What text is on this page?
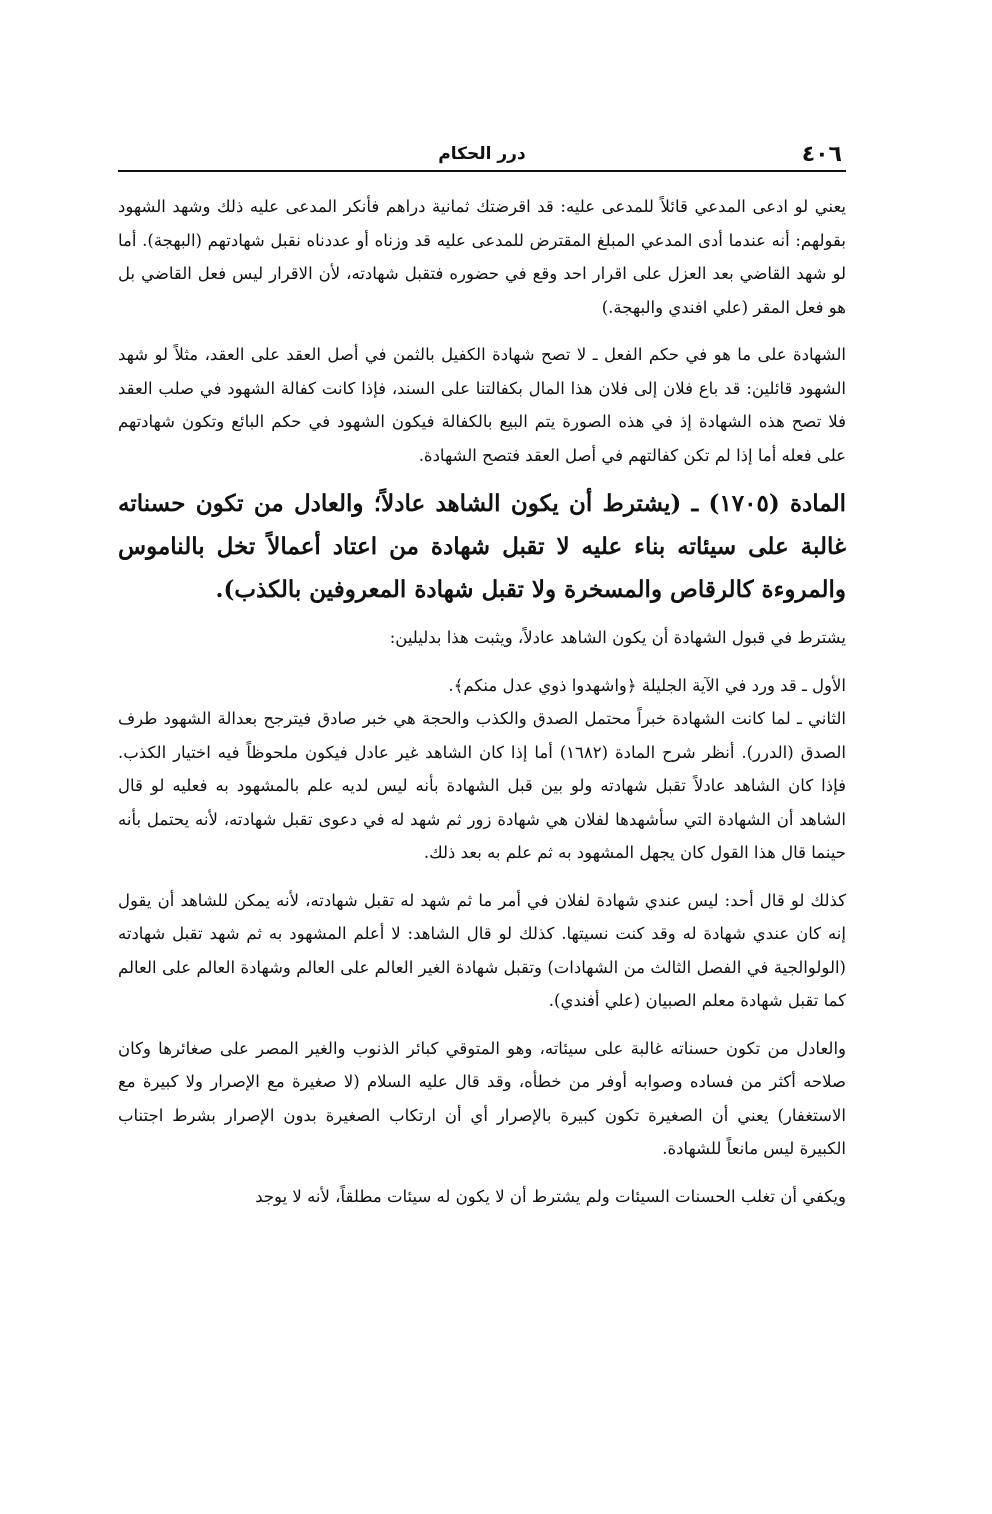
٤٠٦
درر الحكام

يعني لو ادعى المدعي قائلاً للمدعى عليه: قد اقرضتك ثمانية دراهم فأنكر المدعى عليه ذلك وشهد الشهود بقولهم: أنه عندما أدى المدعي المبلغ المقترض للمدعى عليه قد وزناه أو عددناه نقبل شهادتهم (البهجة). أما لو شهد القاضي بعد العزل على اقرار احد وقع في حضوره فتقبل شهادته، لأن الاقرار ليس فعل القاضي بل هو فعل المقر (علي افندي والبهجة.)

الشهادة على ما هو في حكم الفعل ـ لا تصح شهادة الكفيل بالثمن في أصل العقد على العقد، مثلاً لو شهد الشهود قائلين: قد باع فلان إلى فلان هذا المال بكفالتنا على السند، فإذا كانت كفالة الشهود في صلب العقد فلا تصح هذه الشهادة إذ في هذه الصورة يتم البيع بالكفالة فيكون الشهود في حكم البائع وتكون شهادتهم على فعله أما إذا لم تكن كفالتهم في أصل العقد فتصح الشهادة.

المادة (١٧٠٥) ـ (يشترط أن يكون الشاهد عادلاً؛ والعادل من تكون حسناته غالبة على سيئاته بناء عليه لا تقبل شهادة من اعتاد أعمالاً تخل بالناموس والمروءة كالرقاص والمسخرة ولا تقبل شهادة المعروفين بالكذب).

يشترط في قبول الشهادة أن يكون الشاهد عادلاً، ويثبت هذا بدليلين:

الأول ـ قد ورد في الآية الجليلة ﴿واشهدوا ذوي عدل منكم﴾.

الثاني ـ لما كانت الشهادة خبراً محتمل الصدق والكذب والحجة هي خبر صادق فيترجح بعدالة الشهود طرف الصدق (الدرر). أنظر شرح المادة (١٦٨٢) أما إذا كان الشاهد غير عادل فيكون ملحوظاً فيه اختيار الكذب. فإذا كان الشاهد عادلاً تقبل شهادته ولو بين قبل الشهادة بأنه ليس لديه علم بالمشهود به فعليه لو قال الشاهد أن الشهادة التي سأشهدها لفلان هي شهادة زور ثم شهد له في دعوى تقبل شهادته، لأنه يحتمل بأنه حينما قال هذا القول كان يجهل المشهود به ثم علم به بعد ذلك.

كذلك لو قال أحد: ليس عندي شهادة لفلان في أمر ما ثم شهد له تقبل شهادته، لأنه يمكن للشاهد أن يقول إنه كان عندي شهادة له وقد كنت نسيتها. كذلك لو قال الشاهد: لا أعلم المشهود به ثم شهد تقبل شهادته (الولوالجية في الفصل الثالث من الشهادات) وتقبل شهادة الغير العالم على العالم وشهادة العالم على العالم كما تقبل شهادة معلم الصبيان (علي أفندي).

والعادل من تكون حسناته غالبة على سيئاته، وهو المتوقي كبائر الذنوب والغير المصر على صغائرها وكان صلاحه أكثر من فساده وصوابه أوفر من خطأه، وقد قال عليه السلام (لا صغيرة مع الإصرار ولا كبيرة مع الاستغفار) يعني أن الصغيرة تكون كبيرة بالإصرار أي أن ارتكاب الصغيرة بدون الإصرار بشرط اجتناب الكبيرة ليس مانعاً للشهادة.

ويكفي أن تغلب الحسنات السيئات ولم يشترط أن لا يكون له سيئات مطلقاً، لأنه لا يوجد
